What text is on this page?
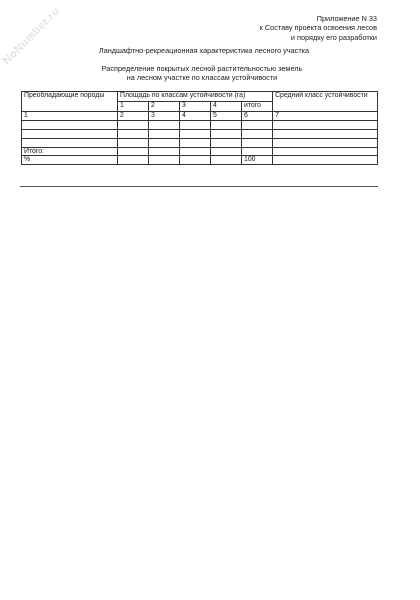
NoNumber.ru	Приложение N 33
к Составу проекта освоения лесов
и порядку его разработки
Ландшафтно-рекреационная характеристика лесного участка
Распределение покрытых лесной растительностью земель
на лесном участке по классам устойчивости
Преобладающие породы	Площадь по классам устойчивости (га)					Средний класс устойчивости
	1	2	3	4	итого	
1	2	3	4	5	6	7

Итого:						
%					100	
